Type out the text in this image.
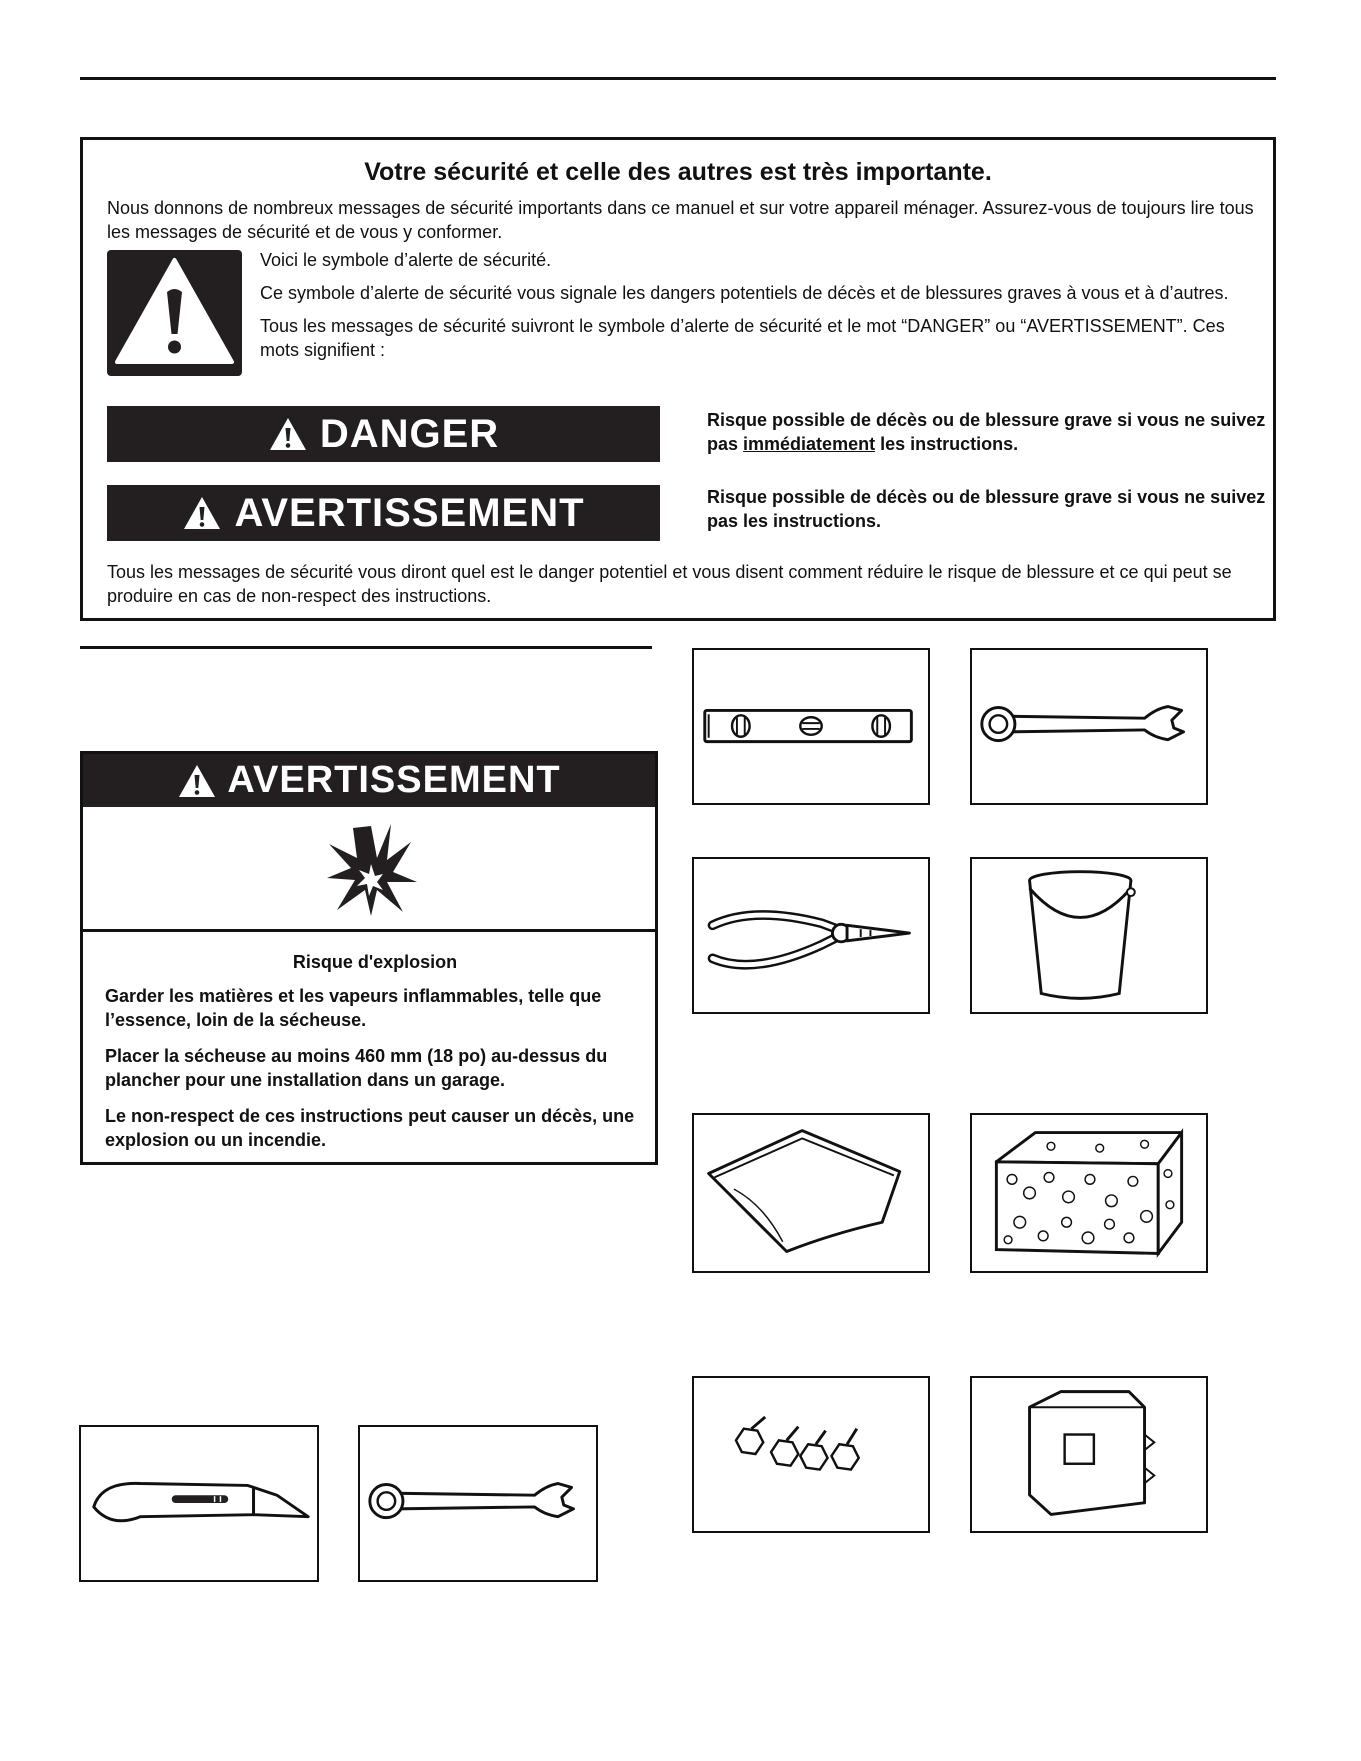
Votre sécurité et celle des autres est très importante.
Nous donnons de nombreux messages de sécurité importants dans ce manuel et sur votre appareil ménager. Assurez-vous de toujours lire tous les messages de sécurité et de vous y conformer.

Voici le symbole d’alerte de sécurité.

Ce symbole d’alerte de sécurité vous signale les dangers potentiels de décès et de blessures graves à vous et à d’autres.

Tous les messages de sécurité suivront le symbole d’alerte de sécurité et le mot “DANGER” ou “AVERTISSEMENT”. Ces mots signifient :

DANGER	Risque possible de décès ou de blessure grave si vous ne suivez pas immédiatement les instructions.
AVERTISSEMENT	Risque possible de décès ou de blessure grave si vous ne suivez pas les instructions.
Tous les messages de sécurité vous diront quel est le danger potentiel et vous disent comment réduire le risque de blessure et ce qui peut se produire en cas de non-respect des instructions.
AVERTISSEMENT

Risque d'explosion

Garder les matières et les vapeurs inflammables, telle que l’essence, loin de la sécheuse.

Placer la sécheuse au moins 460 mm (18 po) au-dessus du plancher pour une installation dans un garage.

Le non-respect de ces instructions peut causer un décès, une explosion ou un incendie.
